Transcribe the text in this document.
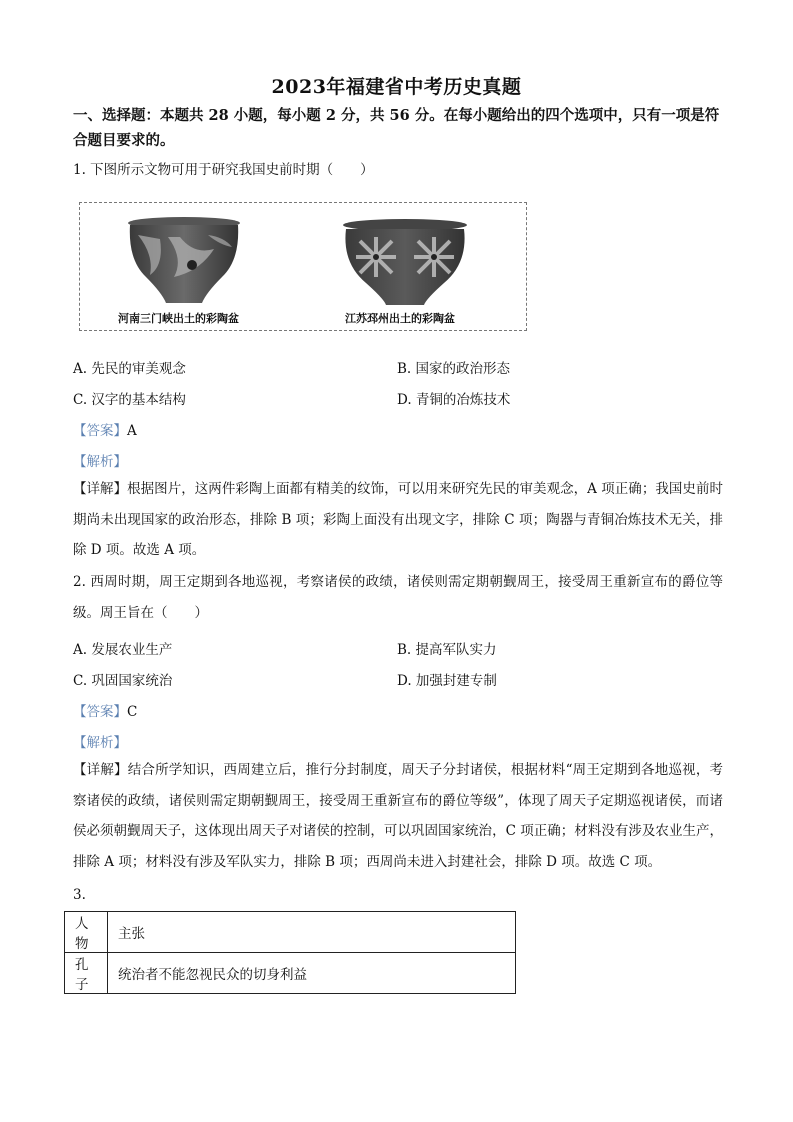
2023年福建省中考历史真题
一、选择题：本题共 28 小题，每小题 2 分，共 56 分。在每小题给出的四个选项中，只有一项是符合题目要求的。
1. 下图所示文物可用于研究我国史前时期（　　）
河南三门峡出土的彩陶盆	江苏邳州出土的彩陶盆
A. 先民的审美观念	B. 国家的政治形态
C. 汉字的基本结构	D. 青铜的冶炼技术
【答案】A
【解析】
【详解】根据图片，这两件彩陶上面都有精美的纹饰，可以用来研究先民的审美观念，A 项正确；我国史前时期尚未出现国家的政治形态，排除 B 项；彩陶上面没有出现文字，排除 C 项；陶器与青铜冶炼技术无关，排除 D 项。故选 A 项。
2. 西周时期，周王定期到各地巡视，考察诸侯的政绩，诸侯则需定期朝觐周王，接受周王重新宣布的爵位等级。周王旨在（　　）
A. 发展农业生产	B. 提高军队实力
C. 巩固国家统治	D. 加强封建专制
【答案】C
【解析】
【详解】结合所学知识，西周建立后，推行分封制度，周天子分封诸侯，根据材料“周王定期到各地巡视，考察诸侯的政绩，诸侯则需定期朝觐周王，接受周王重新宣布的爵位等级”，体现了周天子定期巡视诸侯，而诸侯必须朝觐周天子，这体现出周天子对诸侯的控制，可以巩固国家统治，C 项正确；材料没有涉及农业生产，排除 A 项；材料没有涉及军队实力，排除 B 项；西周尚未进入封建社会，排除 D 项。故选 C 项。
3.
人物	主张
孔子	统治者不能忽视民众的切身利益
